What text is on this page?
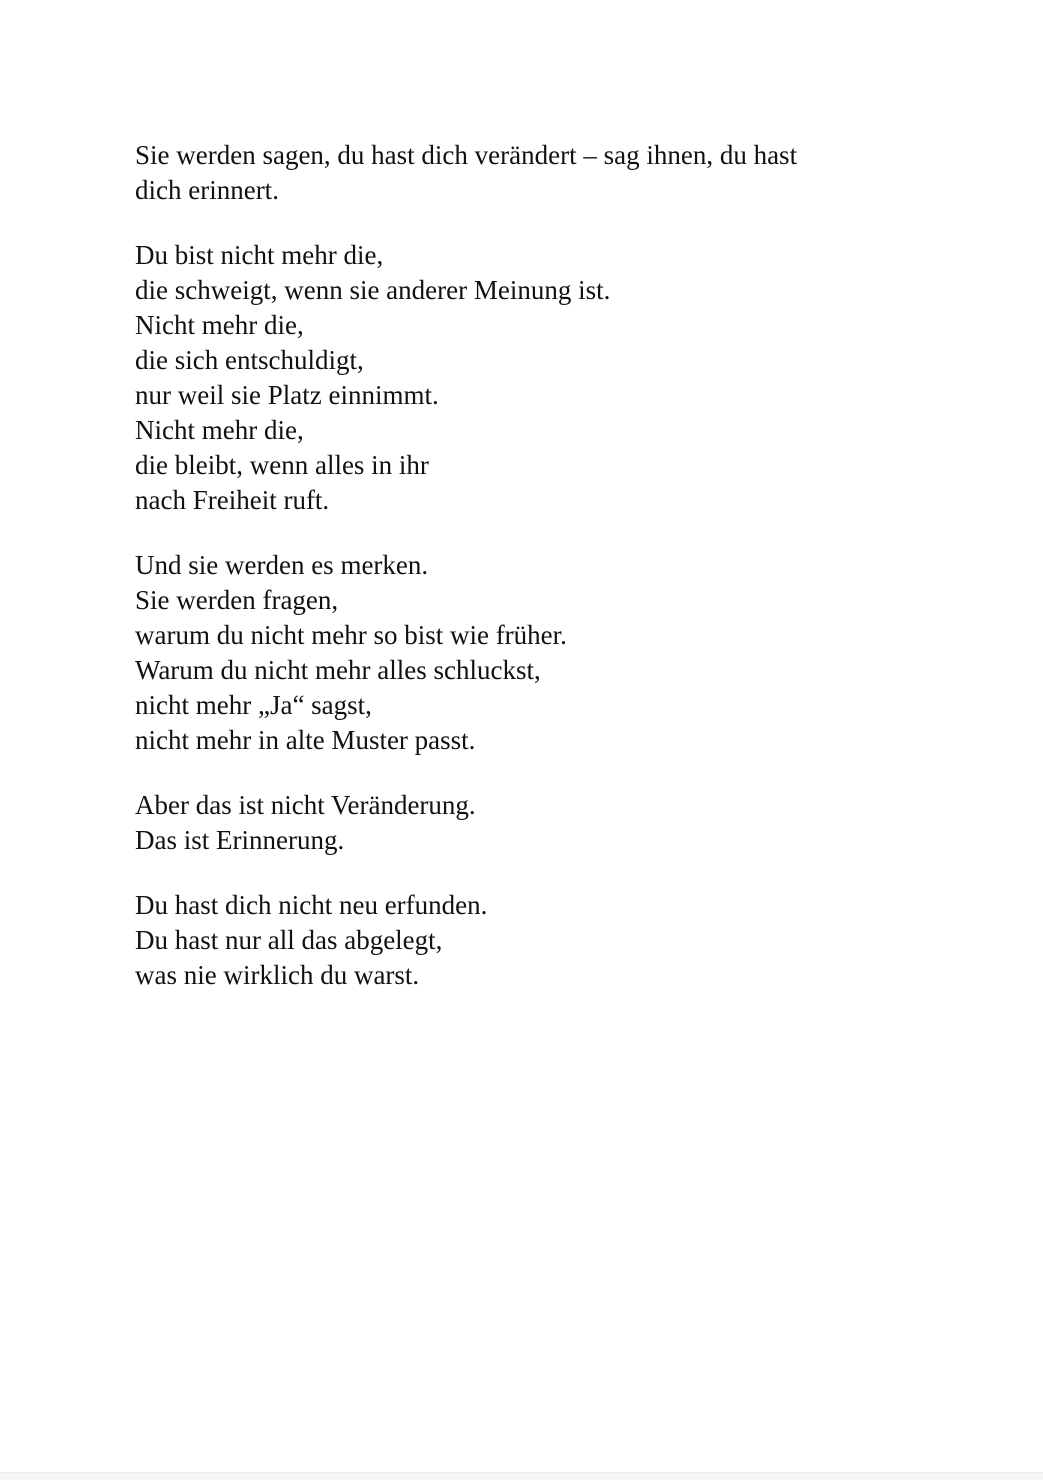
Sie werden sagen, du hast dich verändert – sag ihnen, du hast
dich erinnert.

Du bist nicht mehr die,
die schweigt, wenn sie anderer Meinung ist.
Nicht mehr die,
die sich entschuldigt,
nur weil sie Platz einnimmt.
Nicht mehr die,
die bleibt, wenn alles in ihr
nach Freiheit ruft.

Und sie werden es merken.
Sie werden fragen,
warum du nicht mehr so bist wie früher.
Warum du nicht mehr alles schluckst,
nicht mehr „Ja“ sagst,
nicht mehr in alte Muster passt.

Aber das ist nicht Veränderung.
Das ist Erinnerung.

Du hast dich nicht neu erfunden.
Du hast nur all das abgelegt,
was nie wirklich du warst.
